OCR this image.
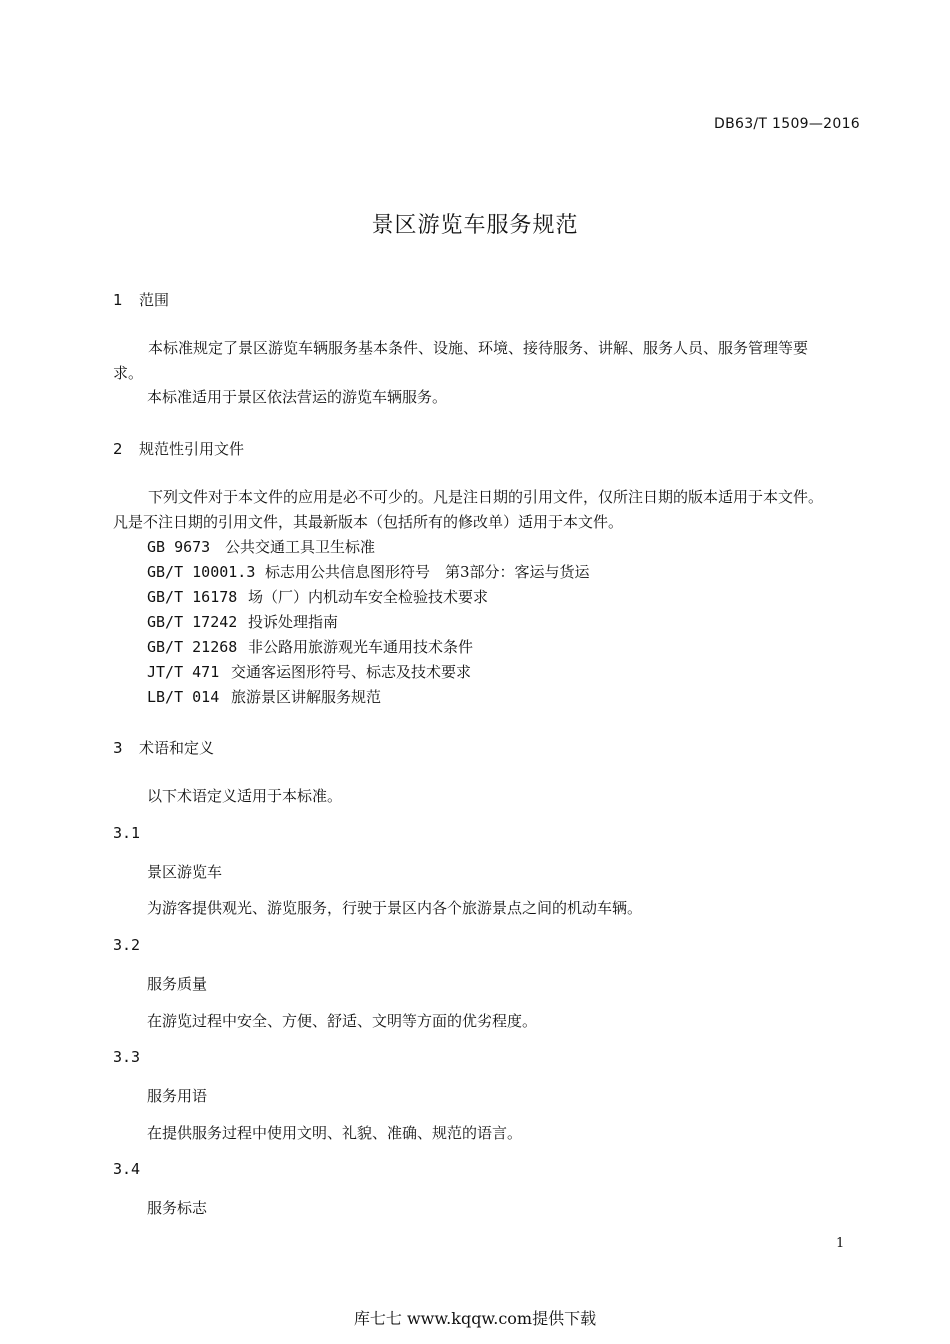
DB63/T 1509—2016
景区游览车服务规范
1 范围
本标准规定了景区游览车辆服务基本条件、设施、环境、接待服务、讲解、服务人员、服务管理等要求。
本标准适用于景区依法营运的游览车辆服务。
2 规范性引用文件
下列文件对于本文件的应用是必不可少的。凡是注日期的引用文件，仅所注日期的版本适用于本文件。凡是不注日期的引用文件，其最新版本（包括所有的修改单）适用于本文件。
GB 9673 公共交通工具卫生标准
GB/T 10001.3 标志用公共信息图形符号　第3部分：客运与货运
GB/T 16178 场（厂）内机动车安全检验技术要求
GB/T 17242 投诉处理指南
GB/T 21268 非公路用旅游观光车通用技术条件
JT/T 471 交通客运图形符号、标志及技术要求
LB/T 014 旅游景区讲解服务规范
3 术语和定义
以下术语定义适用于本标准。
3.1
景区游览车
为游客提供观光、游览服务，行驶于景区内各个旅游景点之间的机动车辆。
3.2
服务质量
在游览过程中安全、方便、舒适、文明等方面的优劣程度。
3.3
服务用语
在提供服务过程中使用文明、礼貌、准确、规范的语言。
3.4
服务标志
1
库七七 www.kqqw.com提供下载
